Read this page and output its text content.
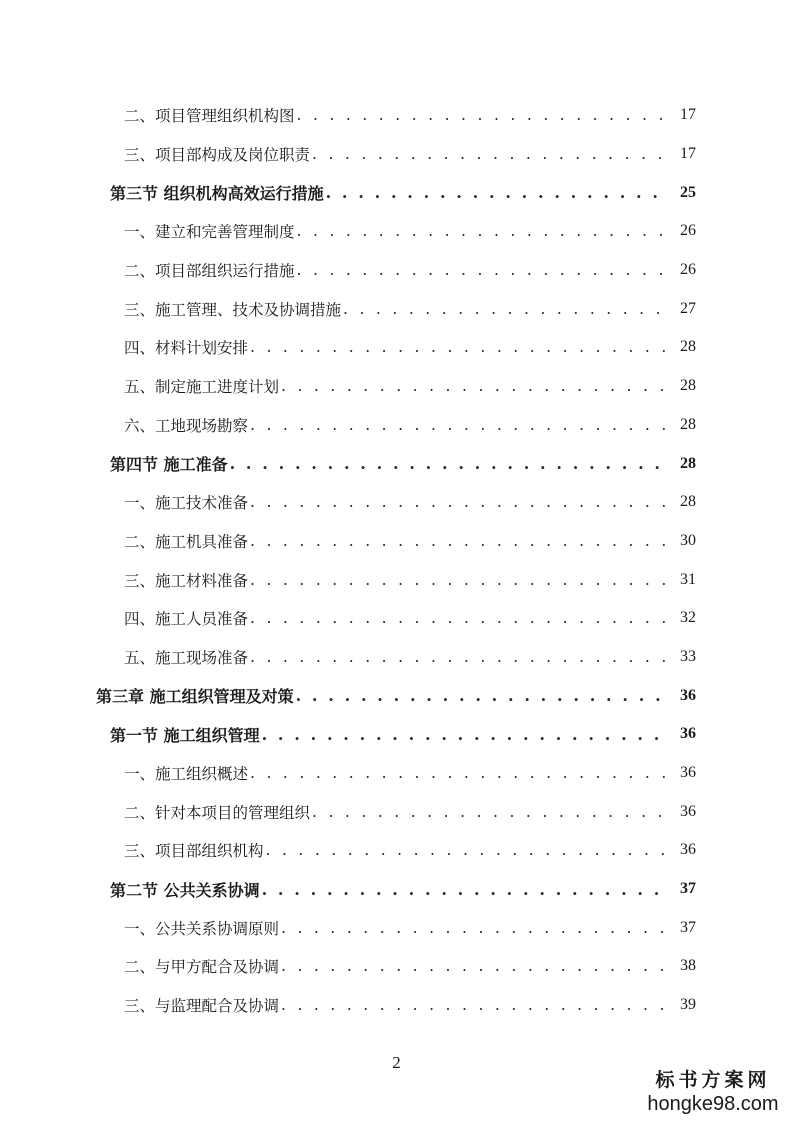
二、项目管理组织机构图 . . .	17
三、项目部构成及岗位职责 . . .	17
第三节 组织机构高效运行措施 . . .	25
一、建立和完善管理制度 . . .	26
二、项目部组织运行措施 . . .	26
三、施工管理、技术及协调措施 . . .	27
四、材料计划安排 . . .	28
五、制定施工进度计划 . . .	28
六、工地现场勘察 . . .	28
第四节 施工准备 . . .	28
一、施工技术准备 . . .	28
二、施工机具准备 . . .	30
三、施工材料准备 . . .	31
四、施工人员准备 . . .	32
五、施工现场准备 . . .	33
第三章 施工组织管理及对策 . . .	36
第一节 施工组织管理 . . .	36
一、施工组织概述 . . .	36
二、针对本项目的管理组织 . . .	36
三、项目部组织机构 . . .	36
第二节 公共关系协调 . . .	37
一、公共关系协调原则 . . .	37
二、与甲方配合及协调 . . .	38
三、与监理配合及协调 . . .	39
2
标书方案网
hongke98.com
